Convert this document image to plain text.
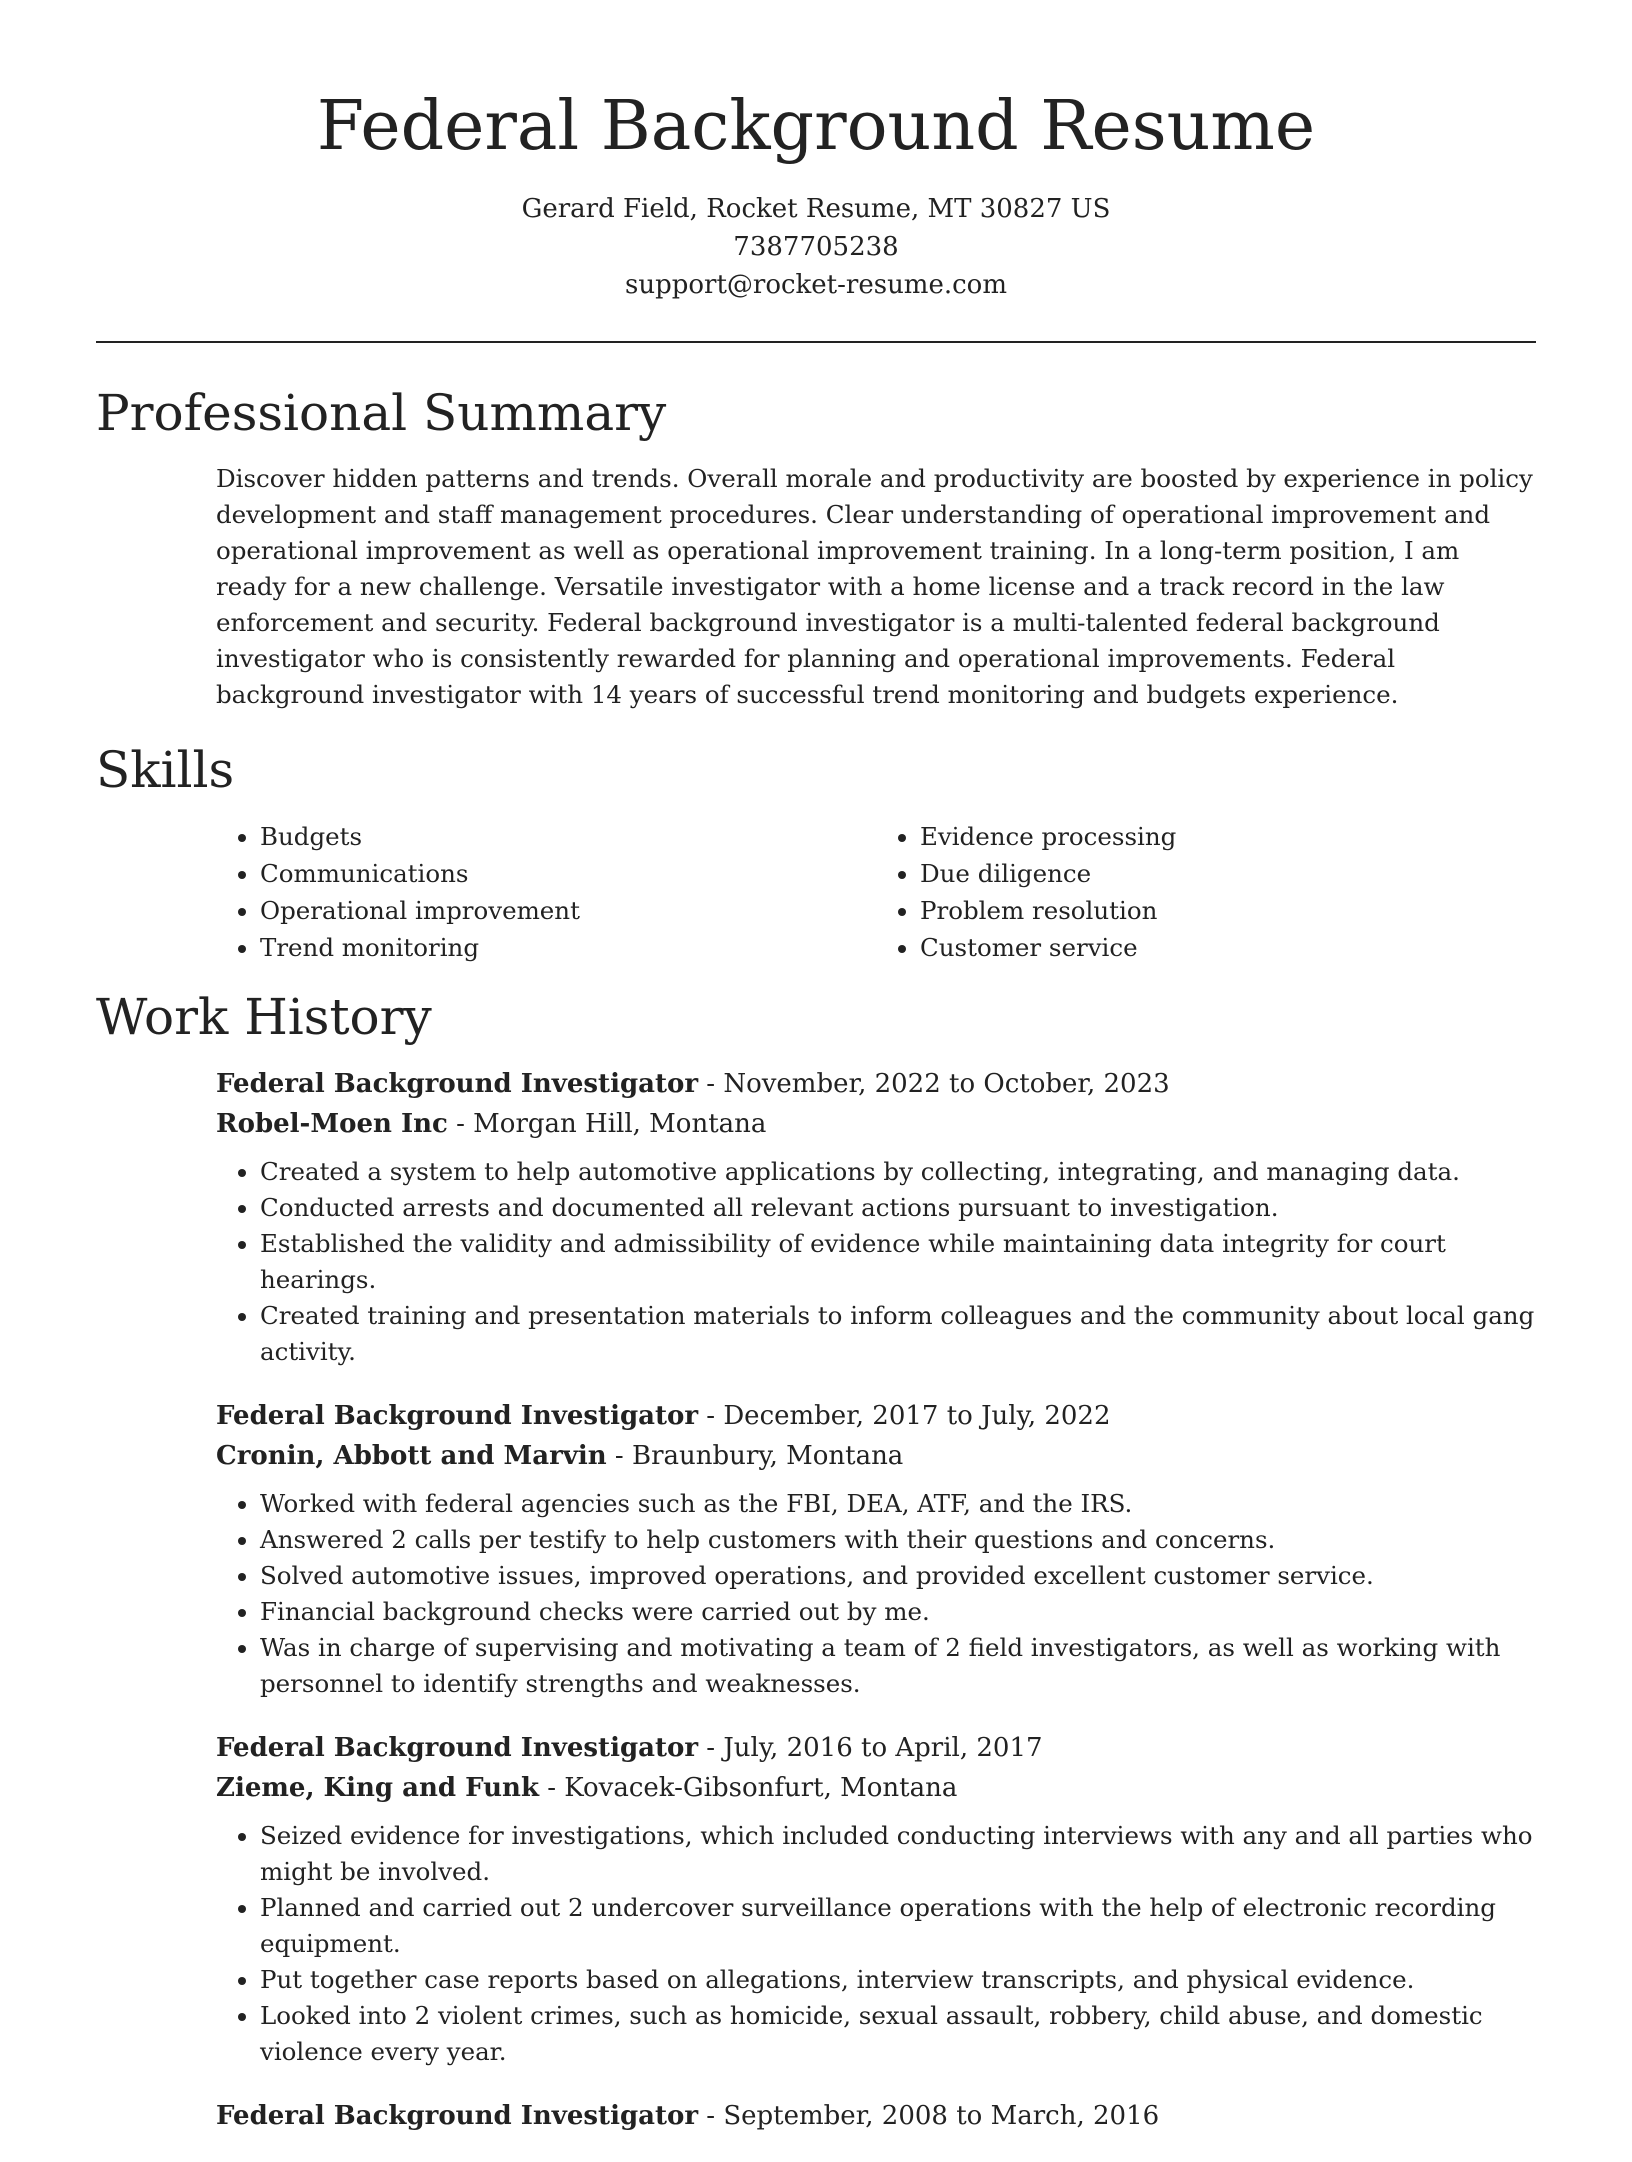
Federal Background Resume
Gerard Field, Rocket Resume, MT 30827 US
7387705238
support@rocket-resume.com
Professional Summary

Discover hidden patterns and trends. Overall morale and productivity are boosted by experience in policy development and staff management procedures. Clear understanding of operational improvement and operational improvement as well as operational improvement training. In a long-term position, I am ready for a new challenge. Versatile investigator with a home license and a track record in the law enforcement and security. Federal background investigator is a multi-talented federal background investigator who is consistently rewarded for planning and operational improvements. Federal background investigator with 14 years of successful trend monitoring and budgets experience.

Skills
• Budgets
• Communications
• Operational improvement
• Trend monitoring
• Evidence processing
• Due diligence
• Problem resolution
• Customer service
Work History

Federal Background Investigator - November, 2022 to October, 2023

Robel-Moen Inc - Morgan Hill, Montana

• Created a system to help automotive applications by collecting, integrating, and managing data.
• Conducted arrests and documented all relevant actions pursuant to investigation.
• Established the validity and admissibility of evidence while maintaining data integrity for court hearings.
• Created training and presentation materials to inform colleagues and the community about local gang activity.

Federal Background Investigator - December, 2017 to July, 2022

Cronin, Abbott and Marvin - Braunbury, Montana

• Worked with federal agencies such as the FBI, DEA, ATF, and the IRS.
• Answered 2 calls per testify to help customers with their questions and concerns.
• Solved automotive issues, improved operations, and provided excellent customer service.
• Financial background checks were carried out by me.
• Was in charge of supervising and motivating a team of 2 field investigators, as well as working with personnel to identify strengths and weaknesses.

Federal Background Investigator - July, 2016 to April, 2017

Zieme, King and Funk - Kovacek-Gibsonfurt, Montana

• Seized evidence for investigations, which included conducting interviews with any and all parties who might be involved.
• Planned and carried out 2 undercover surveillance operations with the help of electronic recording equipment.
• Put together case reports based on allegations, interview transcripts, and physical evidence.
• Looked into 2 violent crimes, such as homicide, sexual assault, robbery, child abuse, and domestic violence every year.

Federal Background Investigator - September, 2008 to March, 2016
